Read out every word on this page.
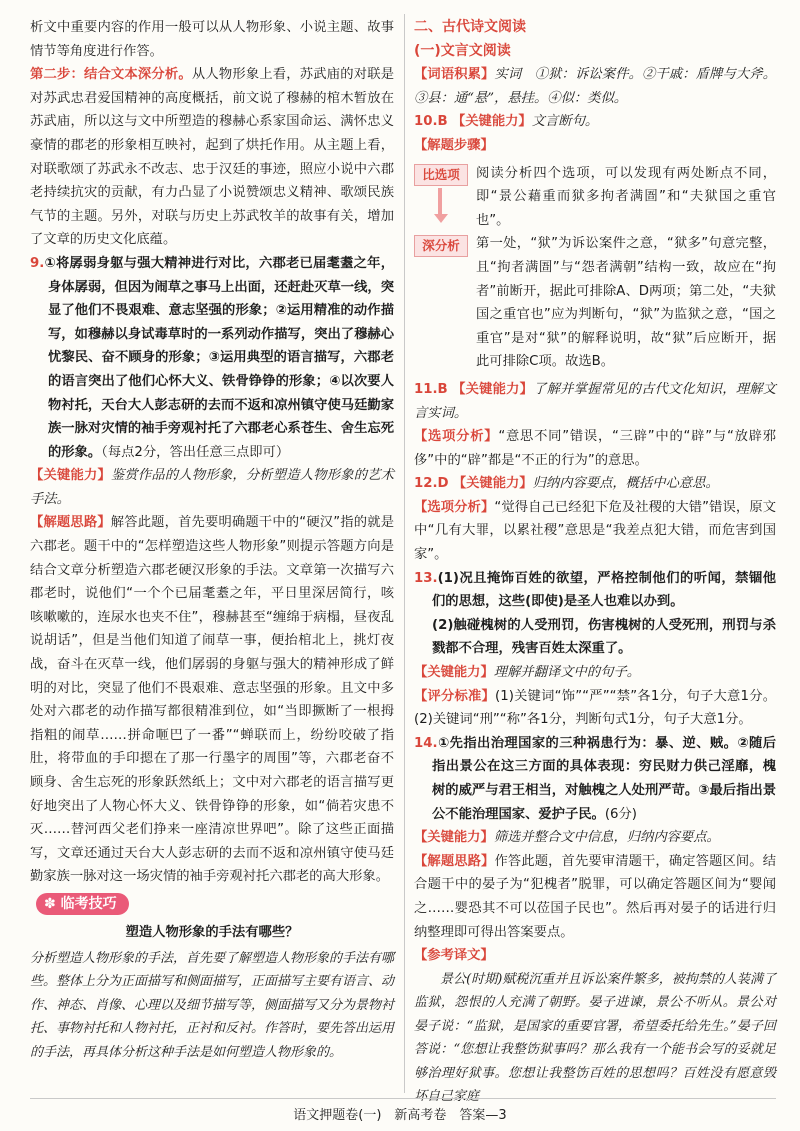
析文中重要内容的作用一般可以从人物形象、小说主题、故事情节等角度进行作答。

第二步：结合文本深分析。从人物形象上看，苏武庙的对联是对苏武忠君爱国精神的高度概括，前文说了穆赫的棺木暂放在苏武庙，所以这与文中所塑造的穆赫心系家国命运、满怀忠义豪情的郡老的形象相互映衬，起到了烘托作用。从主题上看，对联歌颂了苏武永不改志、忠于汉廷的事迹，照应小说中六郡老持续抗灾的贡献，有力凸显了小说赞颂忠义精神、歌颂民族气节的主题。另外，对联与历史上苏武牧羊的故事有关，增加了文章的历史文化底蕴。

9.①将孱弱身躯与强大精神进行对比，六郡老已届耄耋之年，身体孱弱，但因为闹草之事马上出面，还赶赴灭草一线，突显了他们不畏艰难、意志坚强的形象；②运用精准的动作描写，如穆赫以身试毒草时的一系列动作描写，突出了穆赫心忧黎民、奋不顾身的形象；③运用典型的语言描写，六郡老的语言突出了他们心怀大义、铁骨铮铮的形象；④以次要人物衬托，天台大人彭志研的去而不返和凉州镇守使马廷勤家族一脉对灾情的袖手旁观衬托了六郡老心系苍生、舍生忘死的形象。（每点2分，答出任意三点即可）

【关键能力】鉴赏作品的人物形象，分析塑造人物形象的艺术手法。

【解题思路】解答此题，首先要明确题干中的“硬汉”指的就是六郡老。题干中的“怎样塑造这些人物形象”则提示答题方向是结合文章分析塑造六郡老硬汉形象的手法。文章第一次描写六郡老时，说他们“一个个已届耄耋之年，平日里深居简行，咳咳嗽嗽的，连尿水也夹不住”，穆赫甚至“缠绵于病榻，昼夜乱说胡话”，但是当他们知道了闹草一事，便抬棺北上，挑灯夜战，奋斗在灭草一线，他们孱弱的身躯与强大的精神形成了鲜明的对比，突显了他们不畏艰难、意志坚强的形象。且文中多处对六郡老的动作描写都很精准到位，如“当即撅断了一根拇指粗的闹草……拼命咂巴了一番”“蝉联而上，纷纷咬破了指肚，将带血的手印摁在了那一行墨字的周围”等，六郡老奋不顾身、舍生忘死的形象跃然纸上；文中对六郡老的语言描写更好地突出了人物心怀大义、铁骨铮铮的形象，如“倘若灾患不灭……替河西父老们挣来一座清凉世界吧”。除了这些正面描写，文章还通过天台大人彭志研的去而不返和凉州镇守使马廷勤家族一脉对这一场灾情的袖手旁观衬托六郡老的高大形象。

✽ 临考技巧
塑造人物形象的手法有哪些？

分析塑造人物形象的手法，首先要了解塑造人物形象的手法有哪些。整体上分为正面描写和侧面描写，正面描写主要有语言、动作、神态、肖像、心理以及细节描写等，侧面描写又分为景物衬托、事物衬托和人物衬托，正衬和反衬。作答时，要先答出运用的手法，再具体分析这种手法是如何塑造人物形象的。

二、古代诗文阅读
(一)文言文阅读

【词语积累】实词　①狱：诉讼案件。②干戚：盾牌与大斧。③县：通“悬”，悬挂。④似：类似。

10.B 【关键能力】文言断句。

【解题步骤】

比选项	阅读分析四个选项，可以发现有两处断点不同，即“景公藉重而狱多拘者满圄”和“夫狱国之重官也”。

深分析	第一处，“狱”为诉讼案件之意，“狱多”句意完整，且“拘者满圄”与“怨者满朝”结构一致，故应在“拘者”前断开，据此可排除A、D两项；第二处，“夫狱国之重官也”应为判断句，“狱”为监狱之意，“国之重官”是对“狱”的解释说明，故“狱”后应断开，据此可排除C项。故选B。

11.B 【关键能力】了解并掌握常见的古代文化知识，理解文言实词。

【选项分析】“意思不同”错误，“三辟”中的“辟”与“放辟邪侈”中的“辟”都是“不正的行为”的意思。

12.D 【关键能力】归纳内容要点，概括中心意思。

【选项分析】“觉得自己已经犯下危及社稷的大错”错误，原文中“几有大罪，以累社稷”意思是“我差点犯大错，而危害到国家”。

13.(1)况且掩饰百姓的欲望，严格控制他们的听闻，禁锢他们的思想，这些(即使)是圣人也难以办到。

(2)触碰槐树的人受刑罚，伤害槐树的人受死刑，刑罚与杀戮都不合理，残害百姓太深重了。

【关键能力】理解并翻译文中的句子。

【评分标准】(1)关键词“饰”“严”“禁”各1分，句子大意1分。(2)关键词“刑”“称”各1分，判断句式1分，句子大意1分。

14.①先指出治理国家的三种祸患行为：暴、逆、贼。②随后指出景公在这三方面的具体表现：穷民财力供己淫靡，槐树的威严与君王相当，对触槐之人处刑严苛。③最后指出景公不能治理国家、爱护子民。(6分)

【关键能力】筛选并整合文中信息，归纳内容要点。

【解题思路】作答此题，首先要审清题干，确定答题区间。结合题干中的晏子为“犯槐者”脱罪，可以确定答题区间为“婴闻之……婴恐其不可以莅国子民也”。然后再对晏子的话进行归纳整理即可得出答案要点。

【参考译文】

景公(时期)赋税沉重并且诉讼案件繁多，被拘禁的人装满了监狱，怨恨的人充满了朝野。晏子进谏，景公不听从。景公对晏子说：“监狱，是国家的重要官署，希望委托给先生。”晏子回答说：“您想让我整饬狱事吗？那么我有一个能书会写的妥就足够治理好狱事。您想让我整饬百姓的思想吗？百姓没有愿意毁坏自己家庭

语文押题卷(一)　新高考卷　答案—3
